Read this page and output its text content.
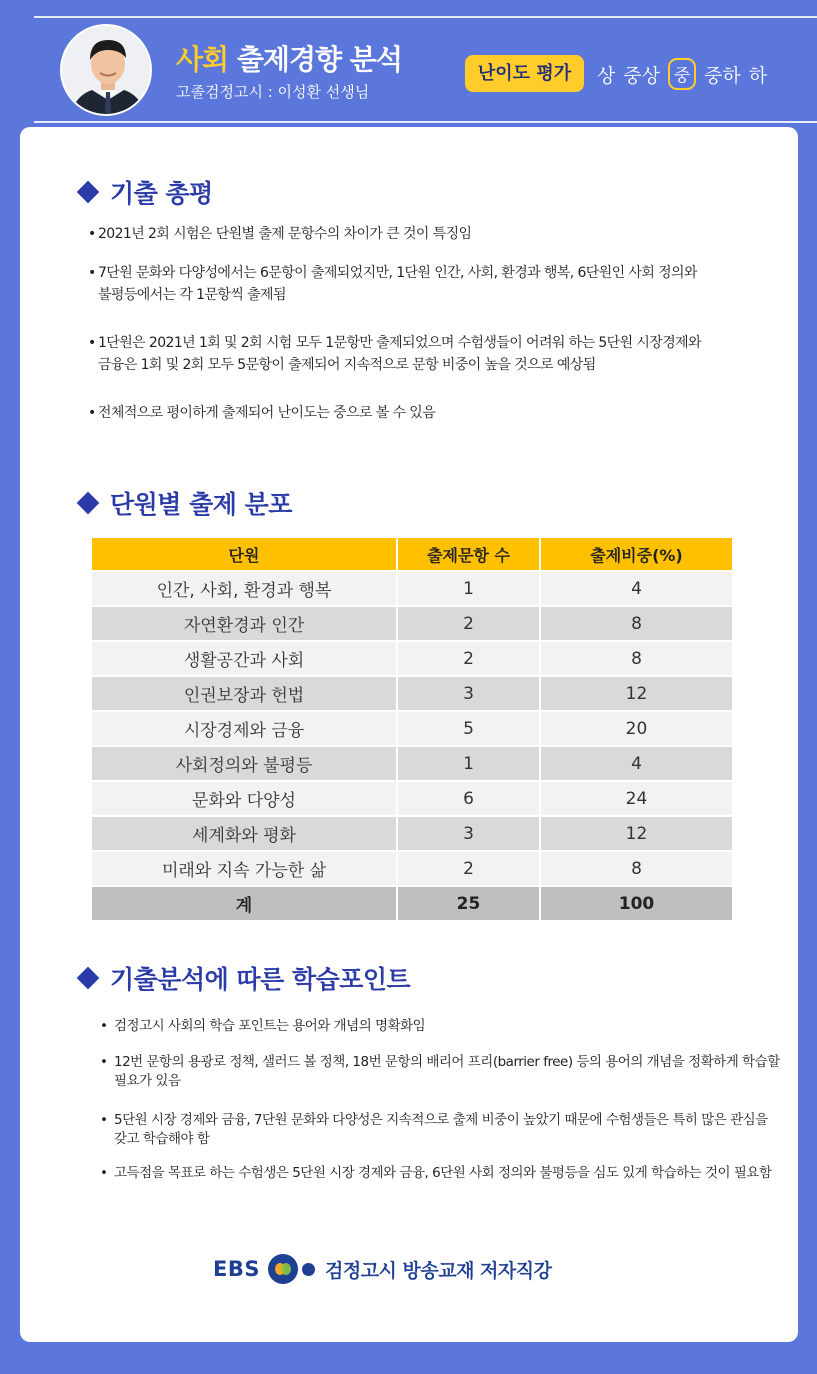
사회 출제경향 분석
고졸검정고시 : 이성환 선생님
난이도 평가	상 중상 중 중하 하
기출 총평
• 2021년 2회 시험은 단원별 출제 문항수의 차이가 큰 것이 특징임
• 7단원 문화와 다양성에서는 6문항이 출제되었지만, 1단원 인간, 사회, 환경과 행복, 6단원인 사회 정의와
불평등에서는 각 1문항씩 출제됨
• 1단원은 2021년 1회 및 2회 시험 모두 1문항만 출제되었으며 수험생들이 어려워 하는 5단원 시장경제와
금융은 1회 및 2회 모두 5문항이 출제되어 지속적으로 문항 비중이 높을 것으로 예상됨
• 전체적으로 평이하게 출제되어 난이도는 중으로 볼 수 있음
단원별 출제 분포
단원	출제문항 수	출제비중(%)
인간, 사회, 환경과 행복	1	4
자연환경과 인간	2	8
생활공간과 사회	2	8
인권보장과 헌법	3	12
시장경제와 금융	5	20
사회정의와 불평등	1	4
문화와 다양성	6	24
세계화와 평화	3	12
미래와 지속 가능한 삶	2	8
계	25	100
기출분석에 따른 학습포인트
• 검정고시 사회의 학습 포인트는 용어와 개념의 명확화임
• 12번 문항의 용광로 정책, 샐러드 볼 정책, 18번 문항의 배리어 프리(barrier free) 등의 용어의 개념을 정확하게 학습할 필요가 있음
• 5단원 시장 경제와 금융, 7단원 문화와 다양성은 지속적으로 출제 비중이 높았기 때문에 수험생들은 특히 많은 관심을 갖고 학습해야 함
• 고득점을 목표로 하는 수험생은 5단원 시장 경제와 금융, 6단원 사회 정의와 불평등을 심도 있게 학습하는 것이 필요함
EBS	검정고시 방송교재 저자직강
